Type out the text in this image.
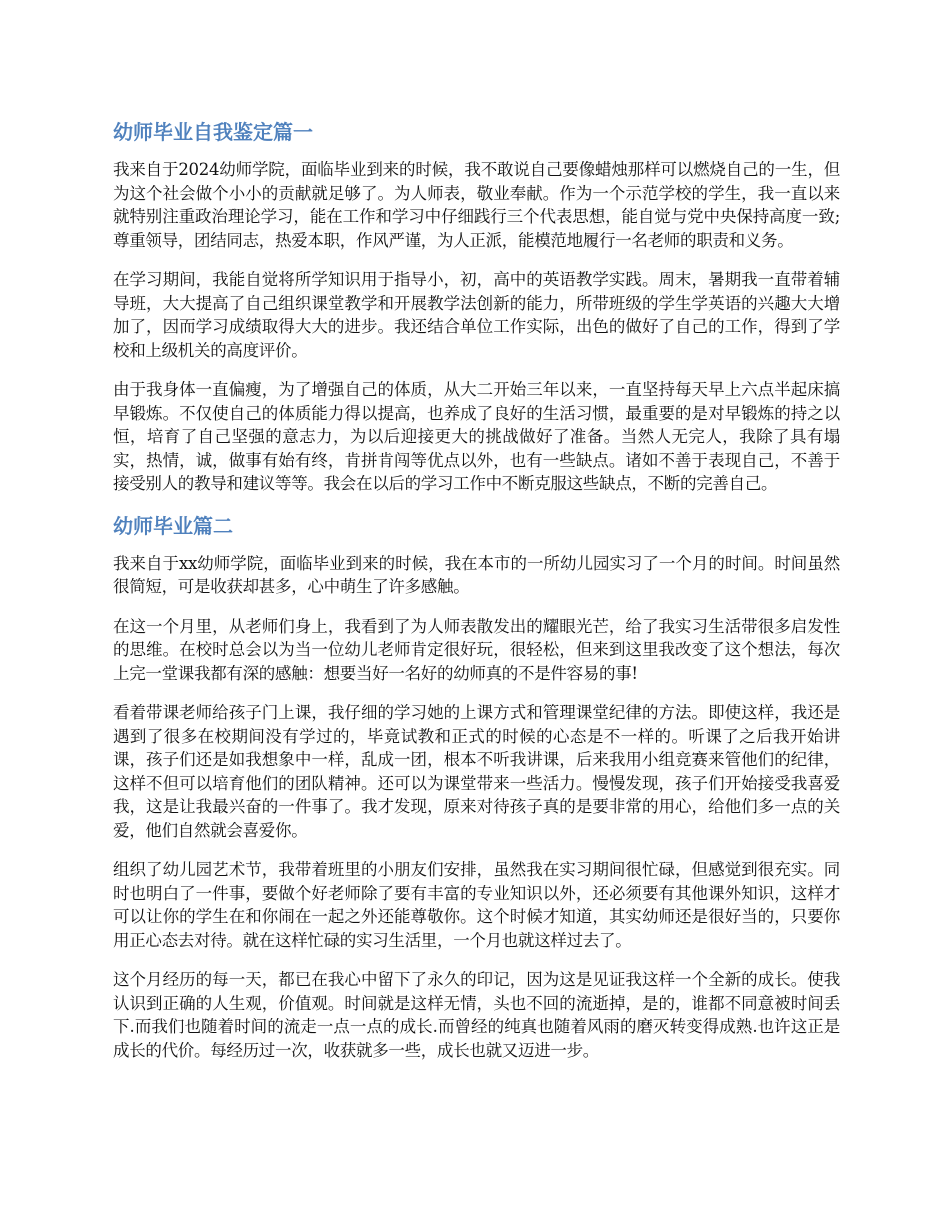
幼师毕业自我鉴定篇一

我来自于2024幼师学院，面临毕业到来的时候，我不敢说自己要像蜡烛那样可以燃烧自己的一生，但为这个社会做个小小的贡献就足够了。为人师表，敬业奉献。作为一个示范学校的学生，我一直以来就特别注重政治理论学习，能在工作和学习中仔细践行三个代表思想，能自觉与党中央保持高度一致;尊重领导，团结同志，热爱本职，作风严谨，为人正派，能模范地履行一名老师的职责和义务。

在学习期间，我能自觉将所学知识用于指导小，初，高中的英语教学实践。周末，暑期我一直带着辅导班，大大提高了自己组织课堂教学和开展教学法创新的能力，所带班级的学生学英语的兴趣大大增加了，因而学习成绩取得大大的进步。我还结合单位工作实际，出色的做好了自己的工作，得到了学校和上级机关的高度评价。

由于我身体一直偏瘦，为了增强自己的体质，从大二开始三年以来，一直坚持每天早上六点半起床搞早锻炼。不仅使自己的体质能力得以提高，也养成了良好的生活习惯，最重要的是对早锻炼的持之以恒，培育了自己坚强的意志力，为以后迎接更大的挑战做好了准备。当然人无完人，我除了具有塌实，热情，诚，做事有始有终，肯拼肯闯等优点以外，也有一些缺点。诸如不善于表现自己，不善于接受别人的教导和建议等等。我会在以后的学习工作中不断克服这些缺点，不断的完善自己。

幼师毕业篇二

我来自于xx幼师学院，面临毕业到来的时候，我在本市的一所幼儿园实习了一个月的时间。时间虽然很简短，可是收获却甚多，心中萌生了许多感触。

在这一个月里，从老师们身上，我看到了为人师表散发出的耀眼光芒，给了我实习生活带很多启发性的思维。在校时总会以为当一位幼儿老师肯定很好玩，很轻松，但来到这里我改变了这个想法，每次上完一堂课我都有深的感触：想要当好一名好的幼师真的不是件容易的事!

看着带课老师给孩子门上课，我仔细的学习她的上课方式和管理课堂纪律的方法。即使这样，我还是遇到了很多在校期间没有学过的，毕竟试教和正式的时候的心态是不一样的。听课了之后我开始讲课，孩子们还是如我想象中一样，乱成一团，根本不听我讲课，后来我用小组竞赛来管他们的纪律，这样不但可以培育他们的团队精神。还可以为课堂带来一些活力。慢慢发现，孩子们开始接受我喜爱我，这是让我最兴奋的一件事了。我才发现，原来对待孩子真的是要非常的用心，给他们多一点的关爱，他们自然就会喜爱你。

组织了幼儿园艺术节，我带着班里的小朋友们安排，虽然我在实习期间很忙碌，但感觉到很充实。同时也明白了一件事，要做个好老师除了要有丰富的专业知识以外，还必须要有其他课外知识，这样才可以让你的学生在和你闹在一起之外还能尊敬你。这个时候才知道，其实幼师还是很好当的，只要你用正心态去对待。就在这样忙碌的实习生活里，一个月也就这样过去了。

这个月经历的每一天，都已在我心中留下了永久的印记，因为这是见证我这样一个全新的成长。使我认识到正确的人生观，价值观。时间就是这样无情，头也不回的流逝掉，是的，谁都不同意被时间丢下.而我们也随着时间的流走一点一点的成长.而曾经的纯真也随着风雨的磨灭转变得成熟.也许这正是成长的代价。每经历过一次，收获就多一些，成长也就又迈进一步。
